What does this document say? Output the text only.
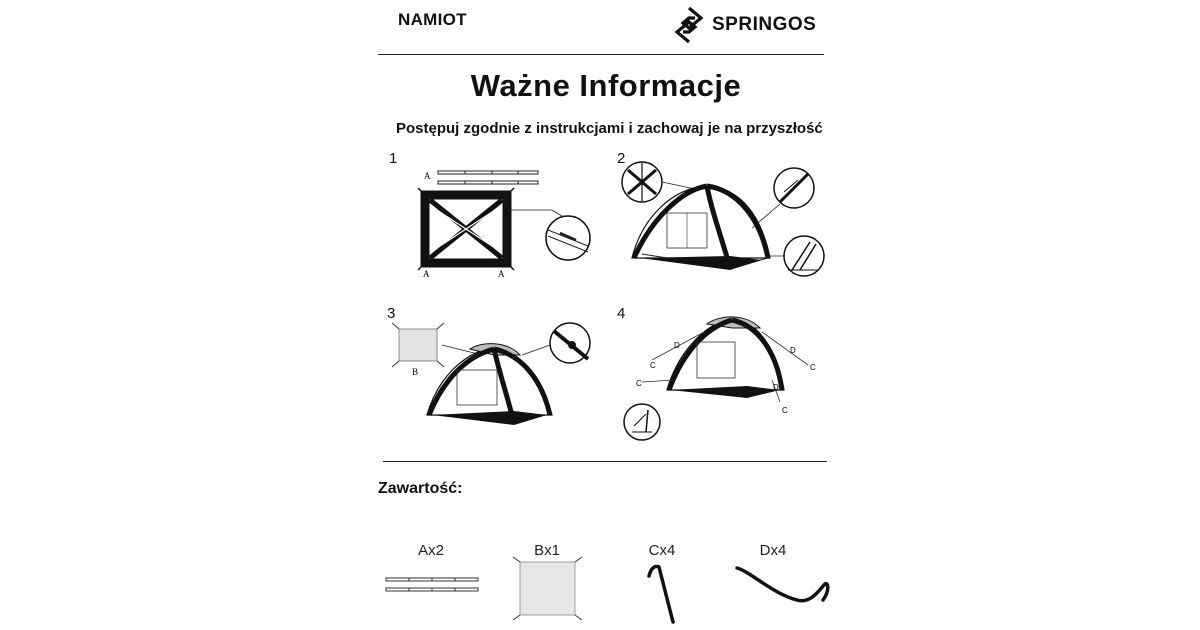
NAMIOT	SPRINGOS
Ważne Informacje
Postępuj zgodnie z instrukcjami i zachowaj je na przyszłość
1	2
3	4
A
A	A
B
D
D
D
C	C
C
C
Zawartość:
Ax2	Bx1	Cx4	Dx4
